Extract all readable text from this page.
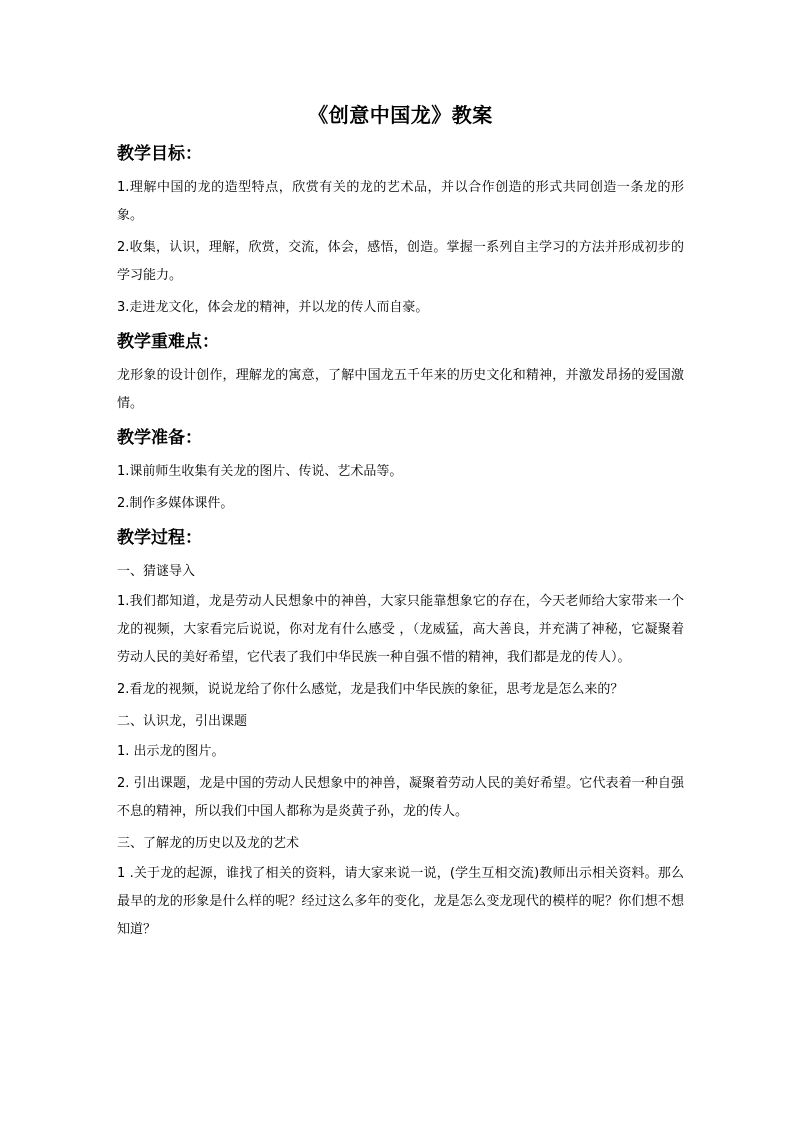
《创意中国龙》教案
教学目标：

1.理解中国的龙的造型特点，欣赏有关的龙的艺术品，并以合作创造的形式共同创造一条龙的形象。

2.收集，认识，理解，欣赏，交流，体会，感悟，创造。掌握一系列自主学习的方法并形成初步的学习能力。

3.走进龙文化，体会龙的精神，并以龙的传人而自豪。

教学重难点：

龙形象的设计创作，理解龙的寓意，了解中国龙五千年来的历史文化和精神，并激发昂扬的爱国激情。

教学准备：

1.课前师生收集有关龙的图片、传说、艺术品等。

2.制作多媒体课件。

教学过程：

一、猜谜导入

1.我们都知道，龙是劳动人民想象中的神兽，大家只能靠想象它的存在，今天老师给大家带来一个龙的视频，大家看完后说说，你对龙有什么感受 ，（龙威猛，高大善良，并充满了神秘，它凝聚着劳动人民的美好希望，它代表了我们中华民族一种自强不惜的精神，我们都是龙的传人）。

2.看龙的视频，说说龙给了你什么感觉，龙是我们中华民族的象征，思考龙是怎么来的？

二、认识龙，引出课题

1. 出示龙的图片。

2. 引出课题，龙是中国的劳动人民想象中的神兽，凝聚着劳动人民的美好希望。它代表着一种自强不息的精神，所以我们中国人都称为是炎黄子孙，龙的传人。

三、了解龙的历史以及龙的艺术

1 .关于龙的起源，谁找了相关的资料，请大家来说一说，(学生互相交流)教师出示相关资料。那么最早的龙的形象是什么样的呢？经过这么多年的变化，龙是怎么变龙现代的模样的呢？你们想不想知道？
